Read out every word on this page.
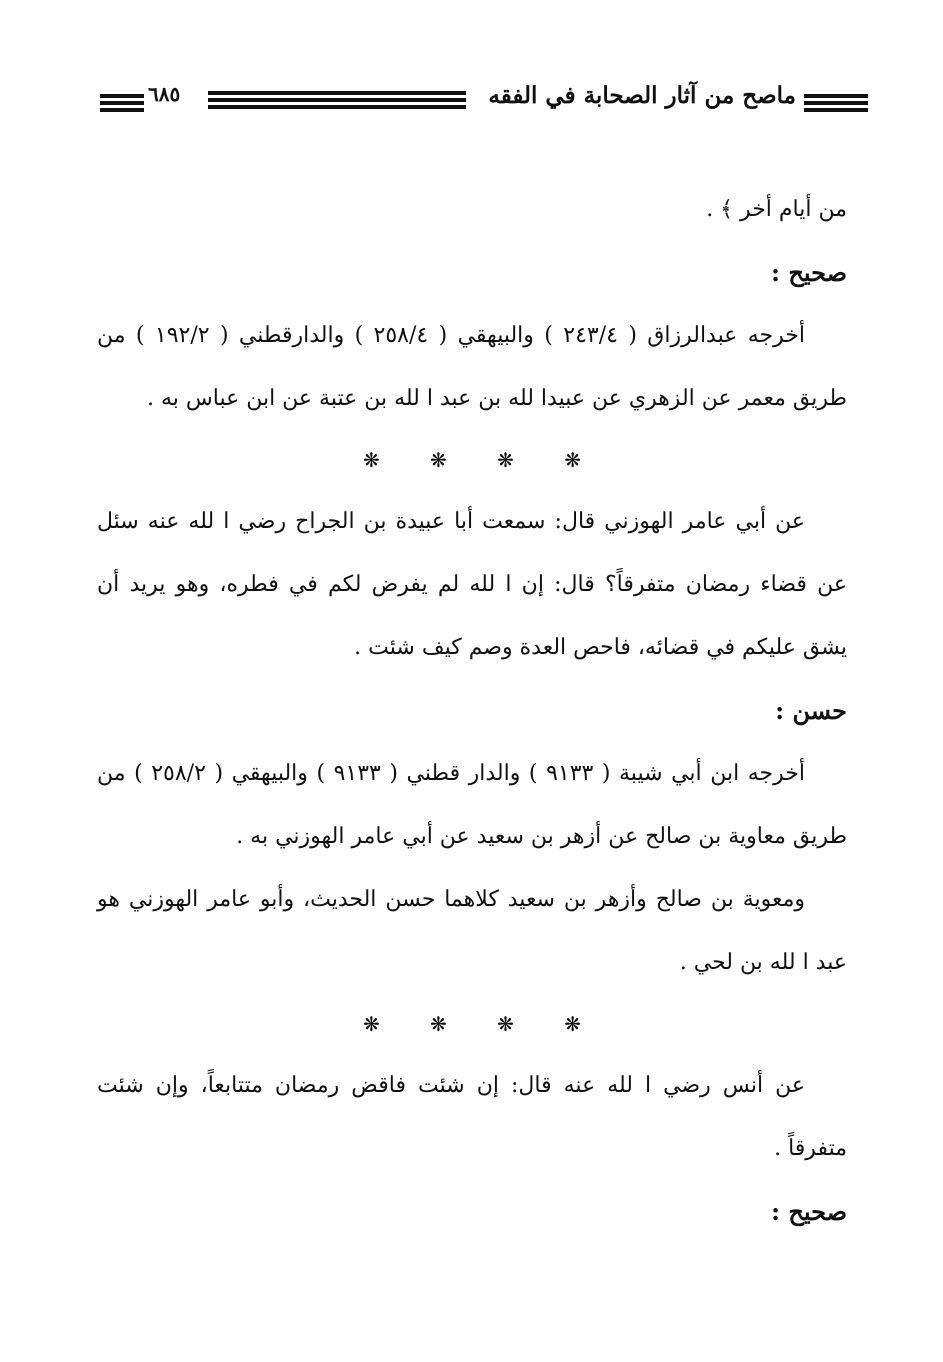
ماصح من آثار الصحابة في الفقه
٦٨٥

من أيام أخر ﴾ .

صحيح :

أخرجه عبدالرزاق ( ٢٤٣/٤ ) والبيهقي ( ٢٥٨/٤ ) والدارقطني ( ١٩٢/٢ ) من طريق معمر عن الزهري عن عبيدا لله بن عبد ا لله بن عتبة عن ابن عباس به .

❋ ❋ ❋ ❋

عن أبي عامر الهوزني قال: سمعت أبا عبيدة بن الجراح رضي ا لله عنه سئل عن قضاء رمضان متفرقاً؟ قال: إن ا لله لم يفرض لكم في فطره، وهو يريد أن يشق عليكم في قضائه، فاحص العدة وصم كيف شئت .

حسن :

أخرجه ابن أبي شيبة ( ٩١٣٣ ) والدار قطني ( ٩١٣٣ ) والبيهقي ( ٢٥٨/٢ ) من طريق معاوية بن صالح عن أزهر بن سعيد عن أبي عامر الهوزني به .

ومعوية بن صالح وأزهر بن سعيد كلاهما حسن الحديث، وأبو عامر الهوزني هو عبد ا لله بن لحي .

❋ ❋ ❋ ❋

عن أنس رضي ا لله عنه قال: إن شئت فاقض رمضان متتابعاً، وإن شئت متفرقاً .

صحيح :
